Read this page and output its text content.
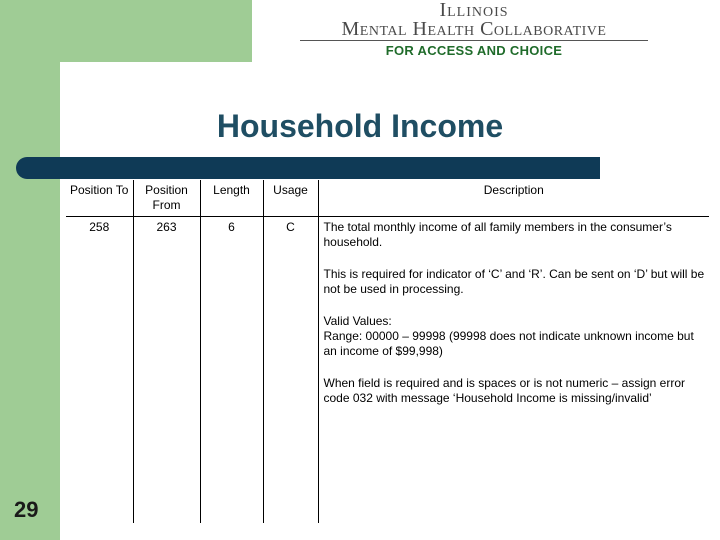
Illinois
Mental Health Collaborative
FOR ACCESS AND CHOICE
Household Income
Position To	Position From	Length	Usage	Description
258	263	6	C	The total monthly income of all family members in the consumer’s household.

This is required for indicator of ‘C’ and ‘R’. Can be sent on ‘D’ but will be not be used in processing.

Valid Values:
Range: 00000 – 99998 (99998 does not indicate unknown income but an income of $99,998)

When field is required and is spaces or is not numeric – assign error code 032 with message ‘Household Income is missing/invalid’

29
